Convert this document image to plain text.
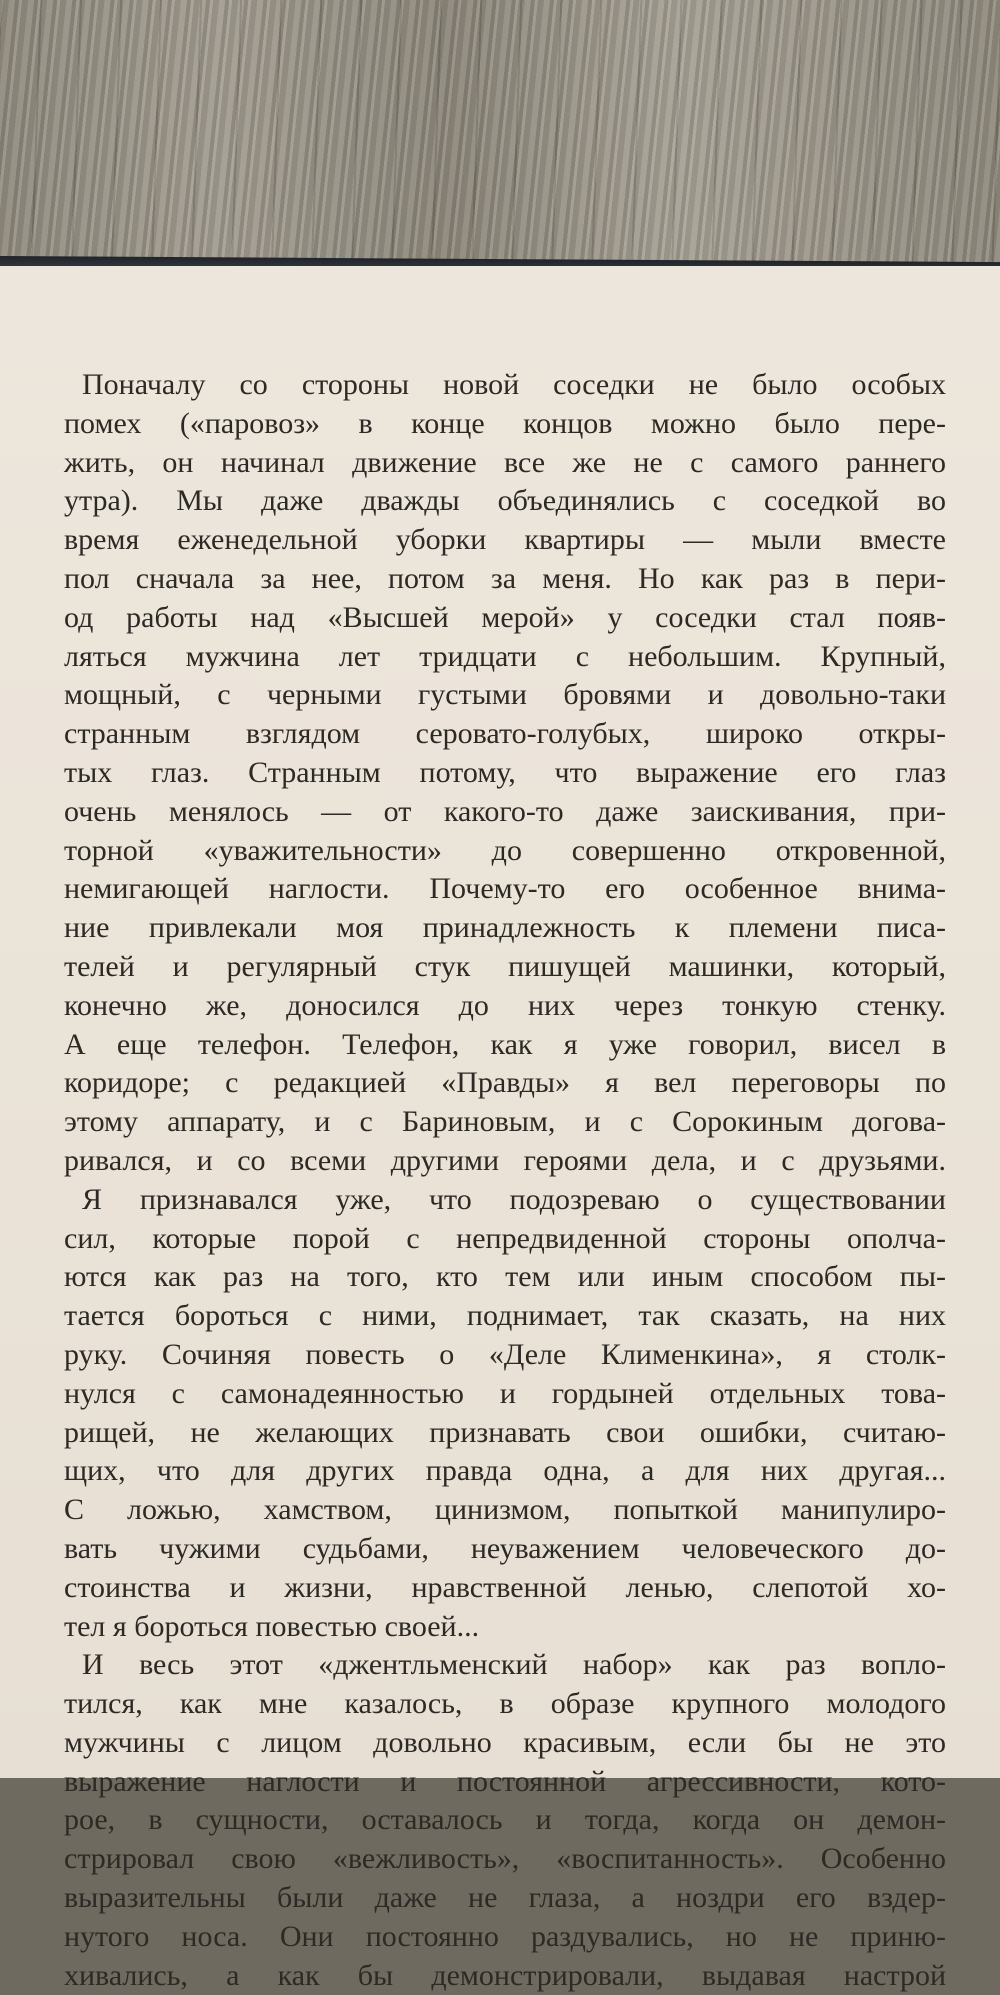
Поначалу со стороны новой соседки не было особых
помех («паровоз» в конце концов можно было пере-
жить, он начинал движение все же не с самого раннего
утра). Мы даже дважды объединялись с соседкой во
время еженедельной уборки квартиры — мыли вместе
пол сначала за нее, потом за меня. Но как раз в пери-
од работы над «Высшей мерой» у соседки стал появ-
ляться мужчина лет тридцати с небольшим. Крупный,
мощный, с черными густыми бровями и довольно-таки
странным взглядом серовато-голубых, широко откры-
тых глаз. Странным потому, что выражение его глаз
очень менялось — от какого-то даже заискивания, при-
торной «уважительности» до совершенно откровенной,
немигающей наглости. Почему-то его особенное внима-
ние привлекали моя принадлежность к племени писа-
телей и регулярный стук пишущей машинки, который,
конечно же, доносился до них через тонкую стенку.
А еще телефон. Телефон, как я уже говорил, висел в
коридоре; с редакцией «Правды» я вел переговоры по
этому аппарату, и с Бариновым, и с Сорокиным догова-
ривался, и со всеми другими героями дела, и с друзьями.
Я признавался уже, что подозреваю о существовании
сил, которые порой с непредвиденной стороны ополча-
ются как раз на того, кто тем или иным способом пы-
тается бороться с ними, поднимает, так сказать, на них
руку. Сочиняя повесть о «Деле Клименкина», я столк-
нулся с самонадеянностью и гордыней отдельных това-
рищей, не желающих признавать свои ошибки, считаю-
щих, что для других правда одна, а для них другая...
С ложью, хамством, цинизмом, попыткой манипулиро-
вать чужими судьбами, неуважением человеческого до-
стоинства и жизни, нравственной ленью, слепотой хо-
тел я бороться повестью своей...
И весь этот «джентльменский набор» как раз вопло-
тился, как мне казалось, в образе крупного молодого
мужчины с лицом довольно красивым, если бы не это
выражение наглости и постоянной агрессивности, кото-
рое, в сущности, оставалось и тогда, когда он демон-
стрировал свою «вежливость», «воспитанность». Особенно
выразительны были даже не глаза, а ноздри его вздер-
нутого носа. Они постоянно раздувались, но не приню-
хивались, а как бы демонстрировали, выдавая настрой
